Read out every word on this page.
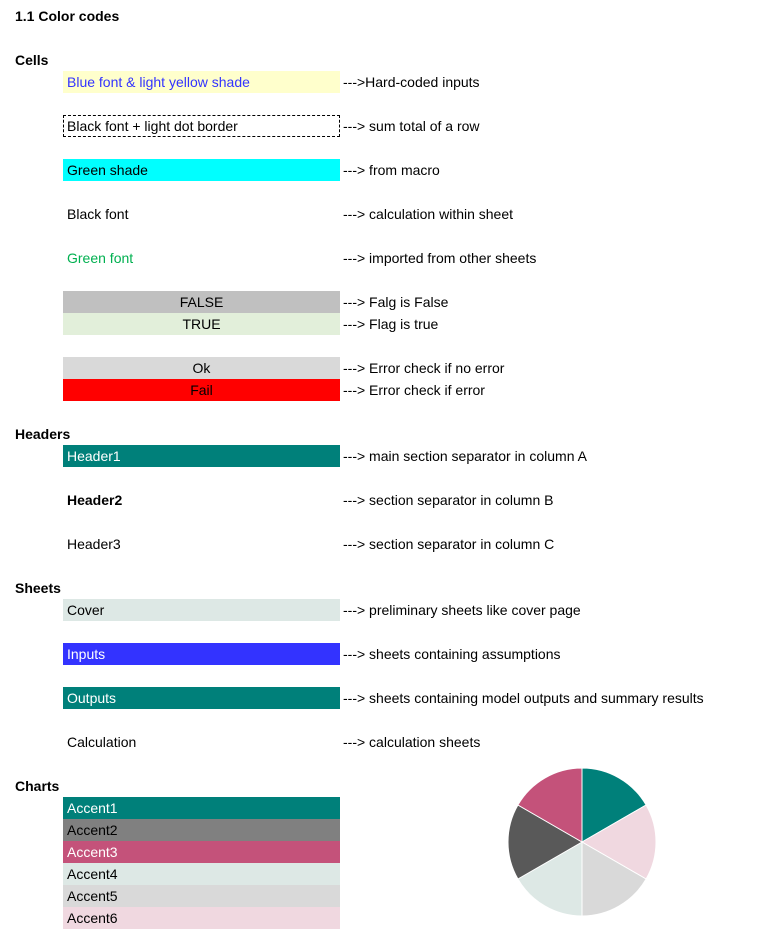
1.1 Color codes
Cells
Blue font & light yellow shade	--->Hard-coded inputs
Black font + light dot border	---> sum total of a row
Green shade	---> from macro
Black font	---> calculation within sheet
Green font	---> imported from other sheets
FALSE	---> Falg is False
TRUE	---> Flag is true
Ok	---> Error check if no error
Fail	---> Error check if error
Headers
Header1	---> main section separator in column A
Header2	---> section separator in column B
Header3	---> section separator in column C
Sheets
Cover	---> preliminary sheets like cover page
Inputs	---> sheets containing assumptions
Outputs	---> sheets containing model outputs and summary results
Calculation	---> calculation sheets
Charts
Accent1
Accent2
Accent3
Accent4
Accent5
Accent6
